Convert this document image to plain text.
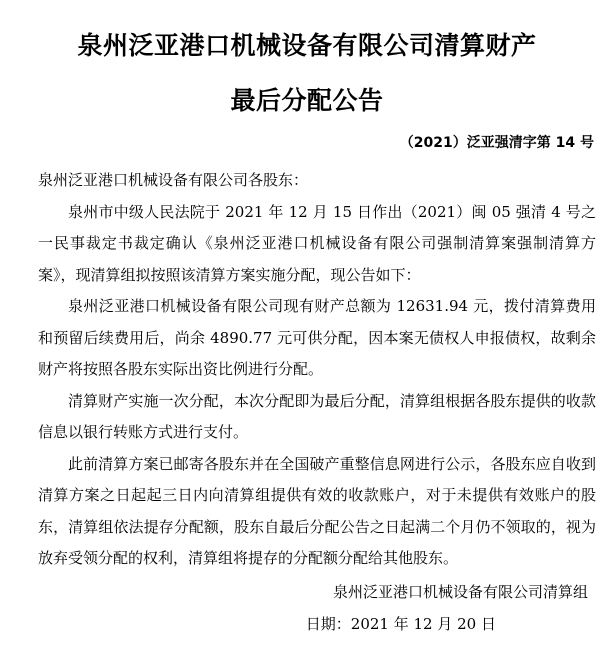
泉州泛亚港口机械设备有限公司清算财产
最后分配公告
（2021）泛亚强清字第 14 号

泉州泛亚港口机械设备有限公司各股东：

泉州市中级人民法院于 2021 年 12 月 15 日作出（2021）闽 05 强清 4 号之一民事裁定书裁定确认《泉州泛亚港口机械设备有限公司强制清算案强制清算方案》，现清算组拟按照该清算方案实施分配，现公告如下：

泉州泛亚港口机械设备有限公司现有财产总额为 12631.94 元，拨付清算费用和预留后续费用后，尚余 4890.77 元可供分配，因本案无债权人申报债权，故剩余财产将按照各股东实际出资比例进行分配。

清算财产实施一次分配，本次分配即为最后分配，清算组根据各股东提供的收款信息以银行转账方式进行支付。

此前清算方案已邮寄各股东并在全国破产重整信息网进行公示，各股东应自收到清算方案之日起起三日内向清算组提供有效的收款账户，对于未提供有效账户的股东，清算组依法提存分配额，股东自最后分配公告之日起满二个月仍不领取的，视为放弃受领分配的权利，清算组将提存的分配额分配给其他股东。

泉州泛亚港口机械设备有限公司清算组
日期：2021 年 12 月 20 日
